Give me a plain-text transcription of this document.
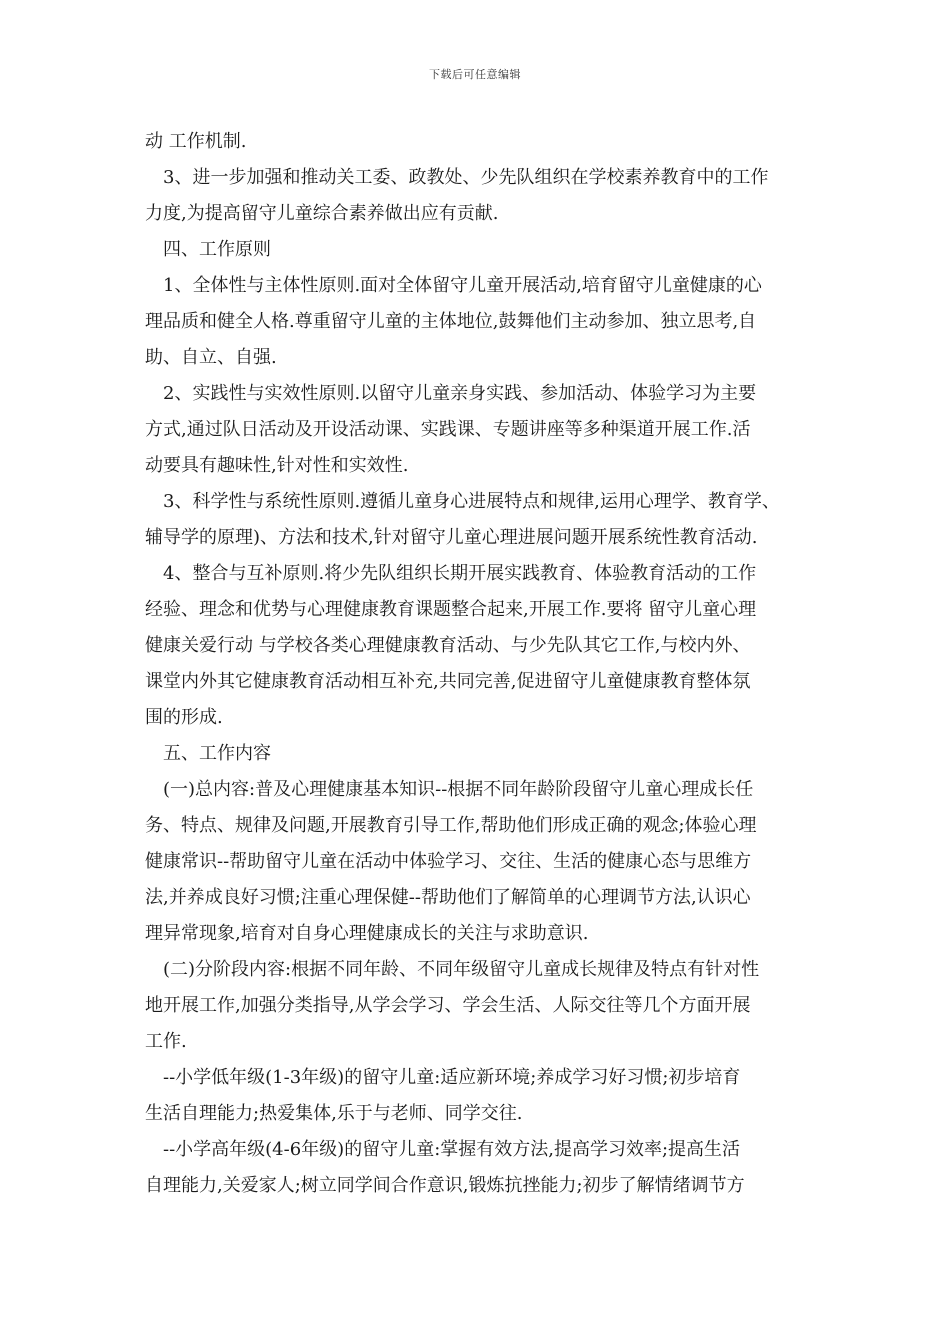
下载后可任意编辑
动 工作机制.
3、进一步加强和推动关工委、政教处、少先队组织在学校素养教育中的工作
力度,为提高留守儿童综合素养做出应有贡献.
四、工作原则
1、全体性与主体性原则.面对全体留守儿童开展活动,培育留守儿童健康的心
理品质和健全人格.尊重留守儿童的主体地位,鼓舞他们主动参加、独立思考,自
助、自立、自强.
2、实践性与实效性原则.以留守儿童亲身实践、参加活动、体验学习为主要
方式,通过队日活动及开设活动课、实践课、专题讲座等多种渠道开展工作.活
动要具有趣味性,针对性和实效性.
3、科学性与系统性原则.遵循儿童身心进展特点和规律,运用心理学、教育学、
辅导学的原理)、方法和技术,针对留守儿童心理进展问题开展系统性教育活动.
4、整合与互补原则.将少先队组织长期开展实践教育、体验教育活动的工作
经验、理念和优势与心理健康教育课题整合起来,开展工作.要将 留守儿童心理
健康关爱行动 与学校各类心理健康教育活动、与少先队其它工作,与校内外、
课堂内外其它健康教育活动相互补充,共同完善,促进留守儿童健康教育整体氛
围的形成.
五、工作内容
(一)总内容:普及心理健康基本知识--根据不同年龄阶段留守儿童心理成长任
务、特点、规律及问题,开展教育引导工作,帮助他们形成正确的观念;体验心理
健康常识--帮助留守儿童在活动中体验学习、交往、生活的健康心态与思维方
法,并养成良好习惯;注重心理保健--帮助他们了解简单的心理调节方法,认识心
理异常现象,培育对自身心理健康成长的关注与求助意识.
(二)分阶段内容:根据不同年龄、不同年级留守儿童成长规律及特点有针对性
地开展工作,加强分类指导,从学会学习、学会生活、人际交往等几个方面开展
工作.
--小学低年级(1-3年级)的留守儿童:适应新环境;养成学习好习惯;初步培育
生活自理能力;热爱集体,乐于与老师、同学交往.
--小学高年级(4-6年级)的留守儿童:掌握有效方法,提高学习效率;提高生活
自理能力,关爱家人;树立同学间合作意识,锻炼抗挫能力;初步了解情绪调节方
